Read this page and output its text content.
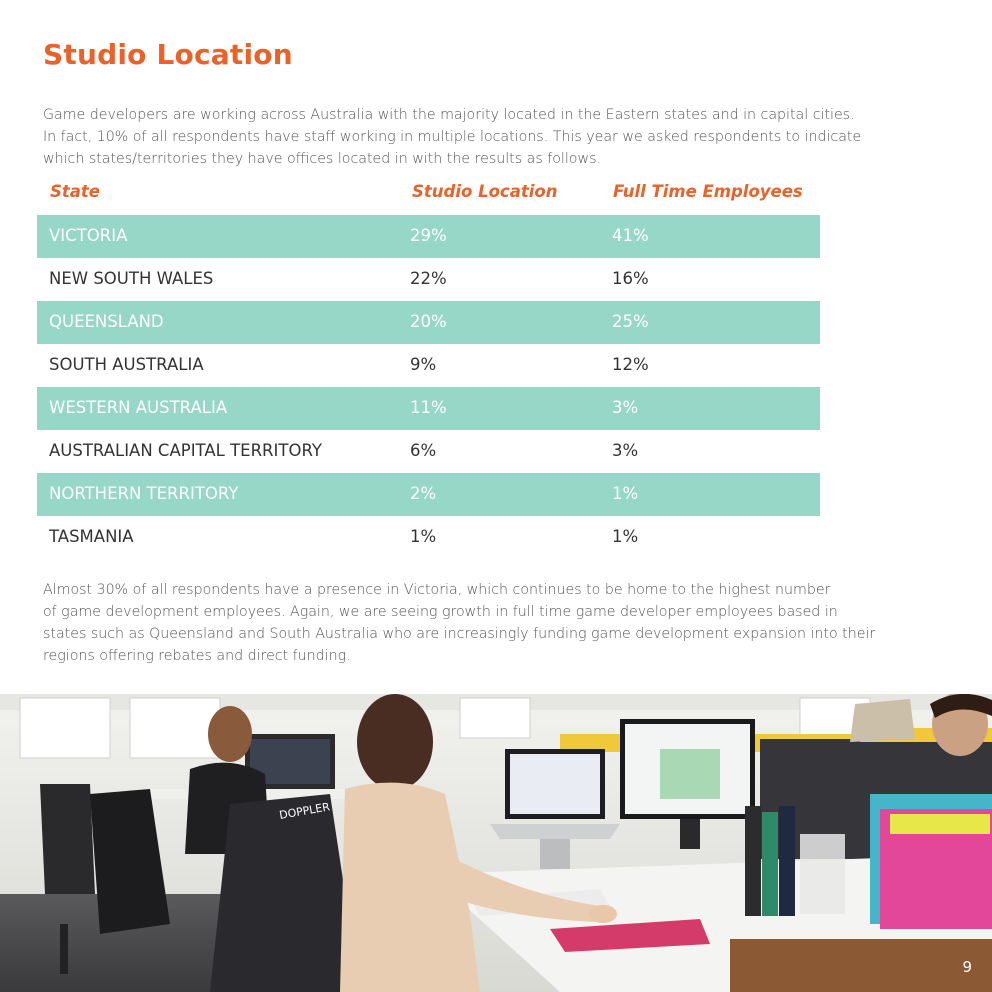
Studio Location

Game developers are working across Australia with the majority located in the Eastern states and in capital cities.
In fact, 10% of all respondents have staff working in multiple locations. This year we asked respondents to indicate
which states/territories they have offices located in with the results as follows.

State	Studio Location	Full Time Employees
VICTORIA	29%	41%
NEW SOUTH WALES	22%	16%
QUEENSLAND	20%	25%
SOUTH AUSTRALIA	9%	12%
WESTERN AUSTRALIA	11%	3%
AUSTRALIAN CAPITAL TERRITORY	6%	3%
NORTHERN TERRITORY	2%	1%
TASMANIA	1%	1%

Almost 30% of all respondents have a presence in Victoria, which continues to be home to the highest number
of game development employees. Again, we are seeing growth in full time game developer employees based in
states such as Queensland and South Australia who are increasingly funding game development expansion into their
regions offering rebates and direct funding.

DOPPLER
9
